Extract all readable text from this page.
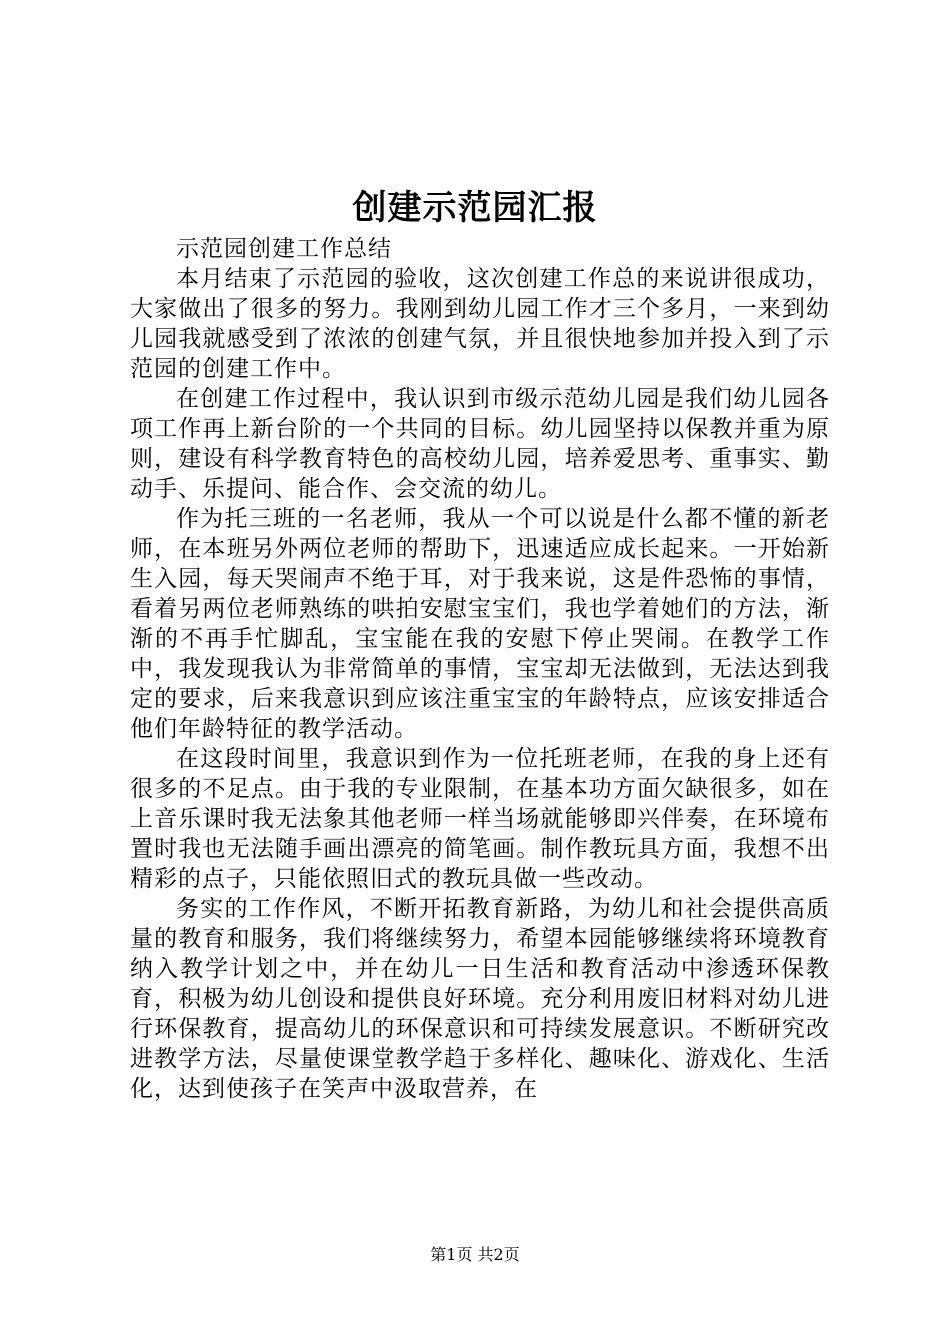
创建示范园汇报

示范园创建工作总结

本月结束了示范园的验收，这次创建工作总的来说讲很成功，大家做出了很多的努力。我刚到幼儿园工作才三个多月，一来到幼儿园我就感受到了浓浓的创建气氛，并且很快地参加并投入到了示范园的创建工作中。

在创建工作过程中，我认识到市级示范幼儿园是我们幼儿园各项工作再上新台阶的一个共同的目标。幼儿园坚持以保教并重为原则，建设有科学教育特色的高校幼儿园，培养爱思考、重事实、勤动手、乐提问、能合作、会交流的幼儿。

作为托三班的一名老师，我从一个可以说是什么都不懂的新老师，在本班另外两位老师的帮助下，迅速适应成长起来。一开始新生入园，每天哭闹声不绝于耳，对于我来说，这是件恐怖的事情，看着另两位老师熟练的哄拍安慰宝宝们，我也学着她们的方法，渐渐的不再手忙脚乱，宝宝能在我的安慰下停止哭闹。在教学工作中，我发现我认为非常简单的事情，宝宝却无法做到，无法达到我定的要求，后来我意识到应该注重宝宝的年龄特点，应该安排适合他们年龄特征的教学活动。

在这段时间里，我意识到作为一位托班老师，在我的身上还有很多的不足点。由于我的专业限制，在基本功方面欠缺很多，如在上音乐课时我无法象其他老师一样当场就能够即兴伴奏，在环境布置时我也无法随手画出漂亮的简笔画。制作教玩具方面，我想不出精彩的点子，只能依照旧式的教玩具做一些改动。

务实的工作作风，不断开拓教育新路，为幼儿和社会提供高质量的教育和服务，我们将继续努力，希望本园能够继续将环境教育纳入教学计划之中，并在幼儿一日生活和教育活动中渗透环保教育，积极为幼儿创设和提供良好环境。充分利用废旧材料对幼儿进行环保教育，提高幼儿的环保意识和可持续发展意识。不断研究改进教学方法，尽量使课堂教学趋于多样化、趣味化、游戏化、生活化，达到使孩子在笑声中汲取营养，在

第1页 共2页
